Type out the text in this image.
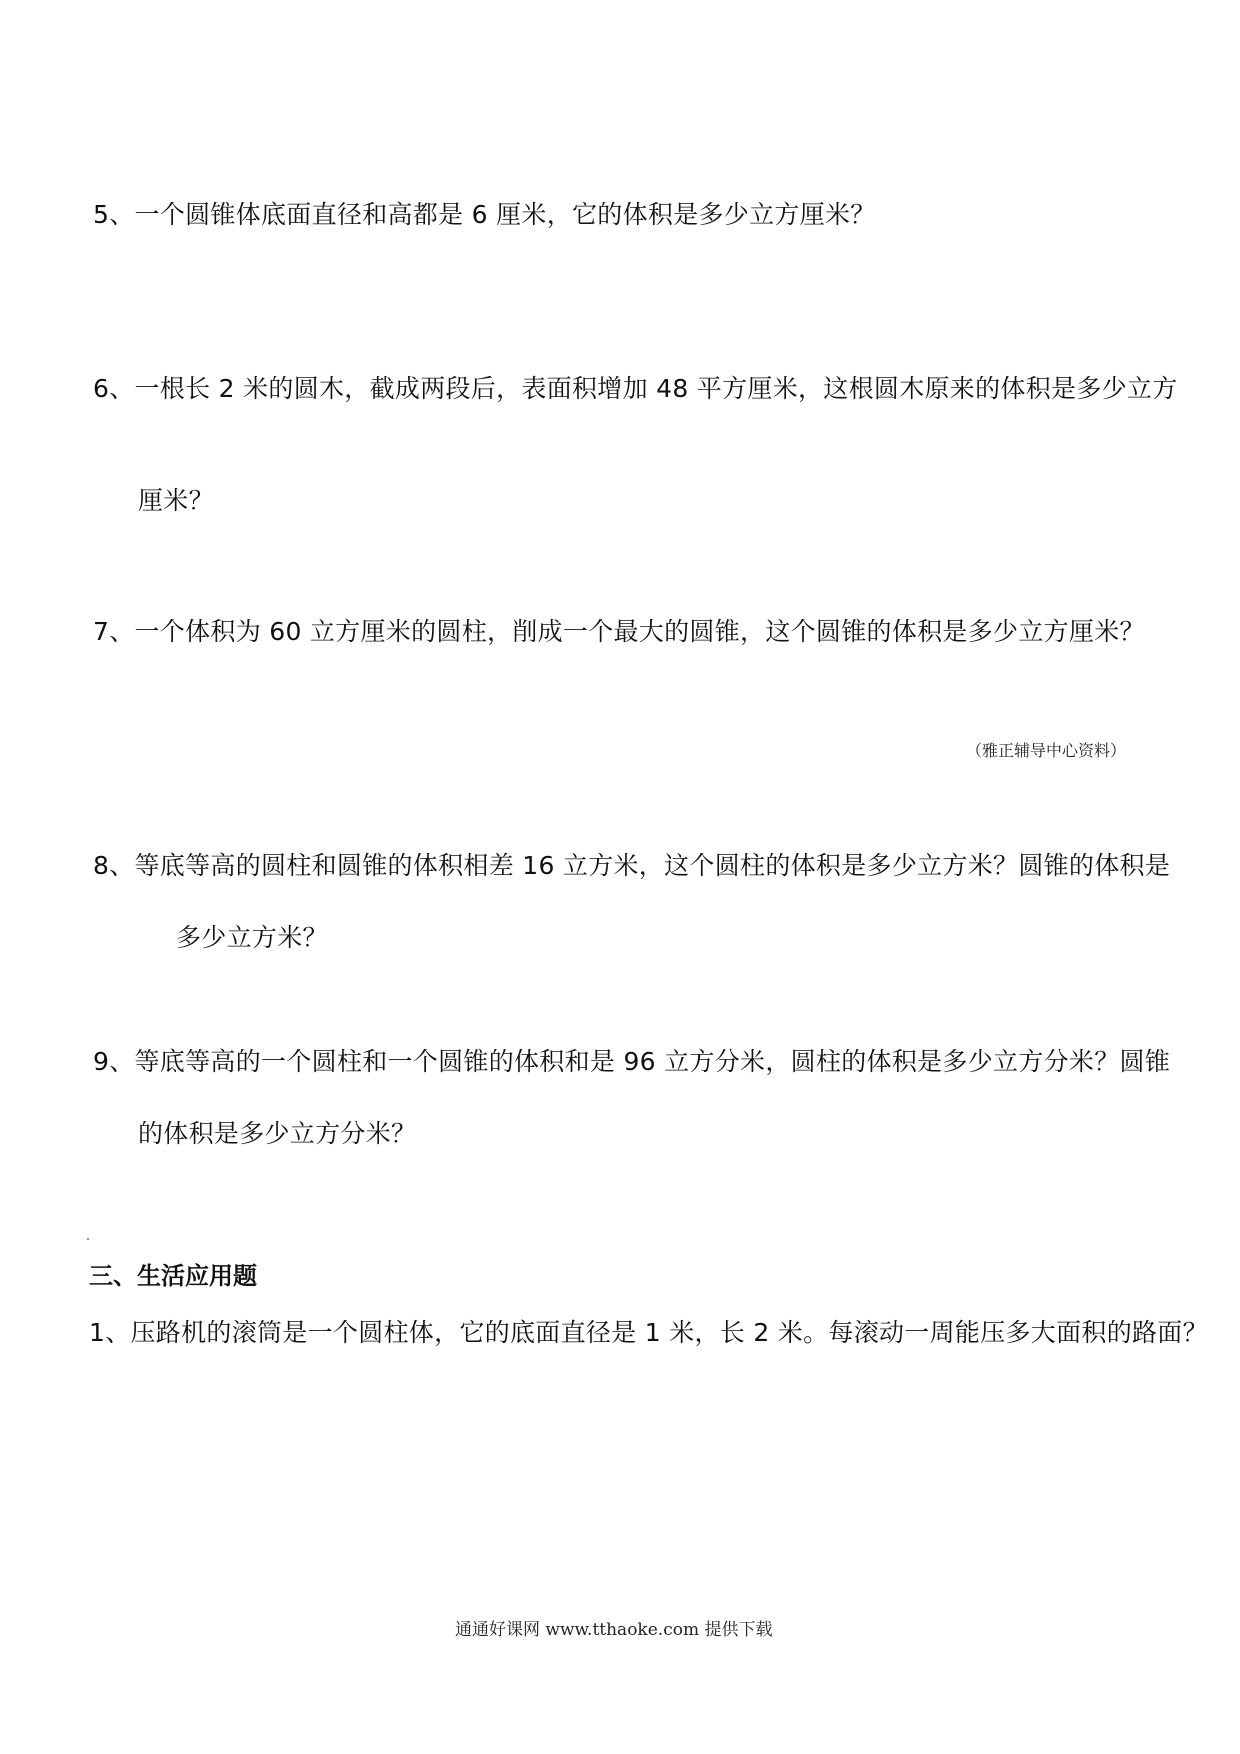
5、一个圆锥体底面直径和高都是 6 厘米，它的体积是多少立方厘米？
6、一根长 2 米的圆木，截成两段后，表面积增加 48 平方厘米，这根圆木原来的体积是多少立方
厘米？
7、一个体积为 60 立方厘米的圆柱，削成一个最大的圆锥，这个圆锥的体积是多少立方厘米？
（雅正辅导中心资料）
8、等底等高的圆柱和圆锥的体积相差 16 立方米，这个圆柱的体积是多少立方米？圆锥的体积是
多少立方米？
9、等底等高的一个圆柱和一个圆锥的体积和是 96 立方分米，圆柱的体积是多少立方分米？圆锥
的体积是多少立方分米？
三、生活应用题
1、压路机的滚筒是一个圆柱体，它的底面直径是 1 米，长 2 米。每滚动一周能压多大面积的路面？
通通好课网 www.tthaoke.com 提供下载
